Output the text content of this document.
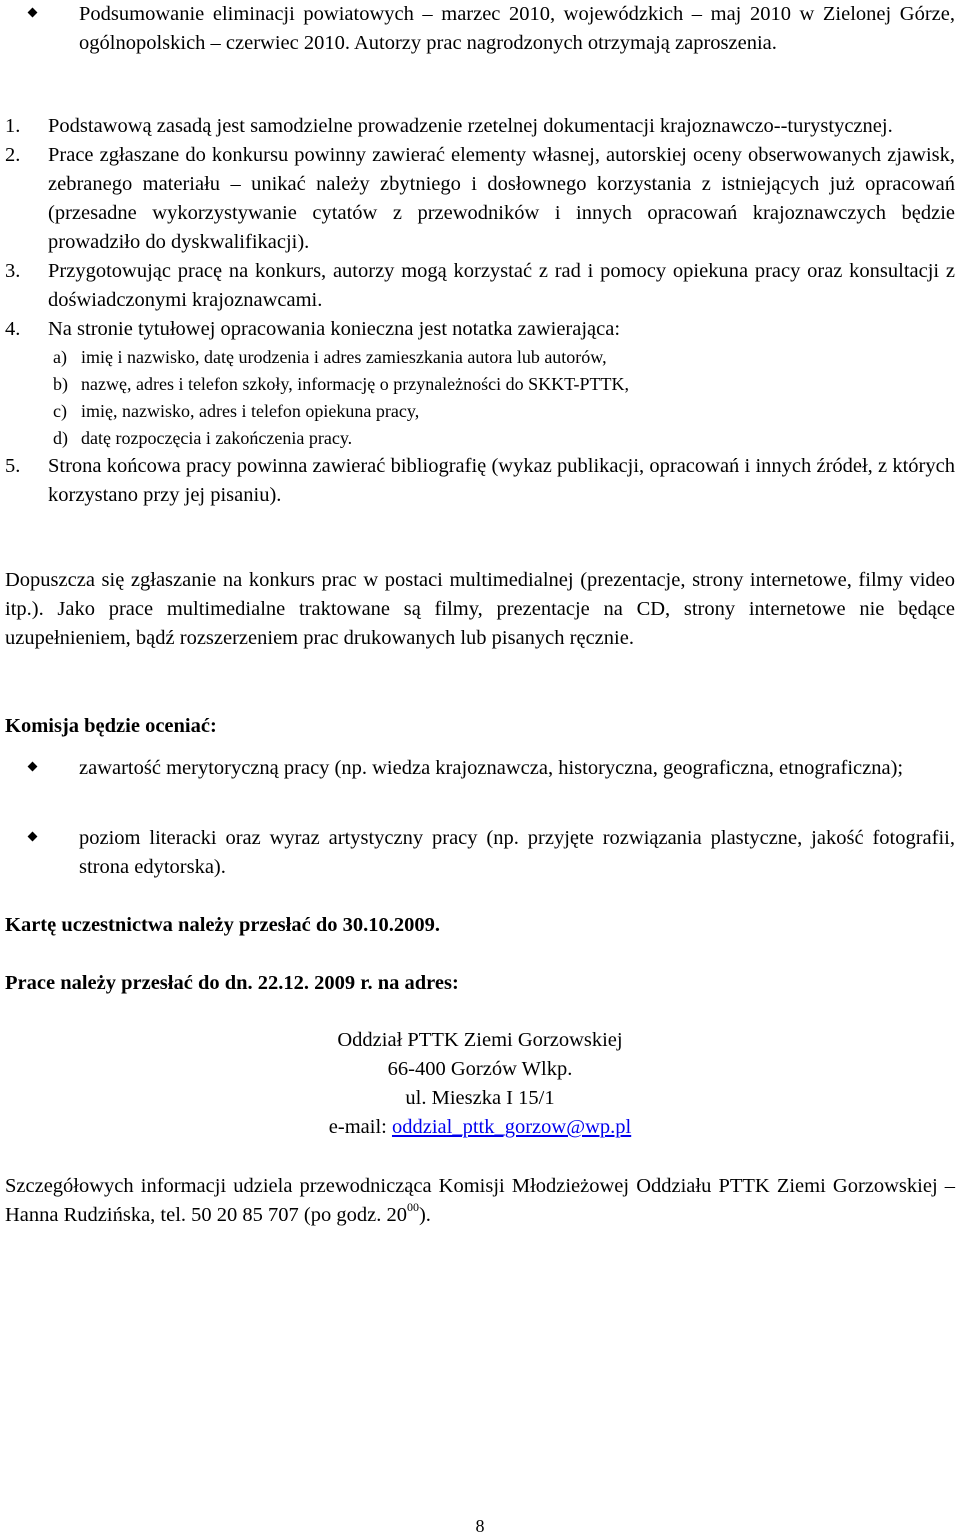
Podsumowanie eliminacji powiatowych – marzec 2010, wojewódzkich – maj 2010 w Zielonej Górze, ogólnopolskich – czerwiec 2010. Autorzy prac nagrodzonych otrzymają zaproszenia.
1. Podstawową zasadą jest samodzielne prowadzenie rzetelnej dokumentacji krajoznawczo--turystycznej.
2. Prace zgłaszane do konkursu powinny zawierać elementy własnej, autorskiej oceny obserwowanych zjawisk, zebranego materiału – unikać należy zbytniego i dosłownego korzystania z istniejących już opracowań (przesadne wykorzystywanie cytatów z przewodników i innych opracowań krajoznawczych będzie prowadziło do dyskwalifikacji).
3. Przygotowując pracę na konkurs, autorzy mogą korzystać z rad i pomocy opiekuna pracy oraz konsultacji z doświadczonymi krajoznawcami.
4. Na stronie tytułowej opracowania konieczna jest notatka zawierająca:
a) imię i nazwisko, datę urodzenia i adres zamieszkania autora lub autorów,
b) nazwę, adres i telefon szkoły, informację o przynależności do SKKT-PTTK,
c) imię, nazwisko, adres i telefon opiekuna pracy,
d) datę rozpoczęcia i zakończenia pracy.
5. Strona końcowa pracy powinna zawierać bibliografię (wykaz publikacji, opracowań i innych źródeł, z których korzystano przy jej pisaniu).
Dopuszcza się zgłaszanie na konkurs prac w postaci multimedialnej (prezentacje, strony internetowe, filmy video itp.). Jako prace multimedialne traktowane są filmy, prezentacje na CD, strony internetowe nie będące uzupełnieniem, bądź rozszerzeniem prac drukowanych lub pisanych ręcznie.
Komisja będzie oceniać:
zawartość merytoryczną pracy (np. wiedza krajoznawcza, historyczna, geograficzna, etnograficzna);
poziom literacki oraz wyraz artystyczny pracy (np. przyjęte rozwiązania plastyczne, jakość fotografii, strona edytorska).
Kartę uczestnictwa należy przesłać do 30.10.2009.
Prace należy przesłać do dn. 22.12. 2009 r. na adres:
Oddział PTTK Ziemi Gorzowskiej
66-400 Gorzów Wlkp.
ul. Mieszka I 15/1
e-mail: oddzial_pttk_gorzow@wp.pl
Szczegółowych informacji udziela przewodnicząca Komisji Młodzieżowej Oddziału PTTK Ziemi Gorzowskiej – Hanna Rudzińska, tel. 50 20 85 707 (po godz. $20^{00}$).
8
